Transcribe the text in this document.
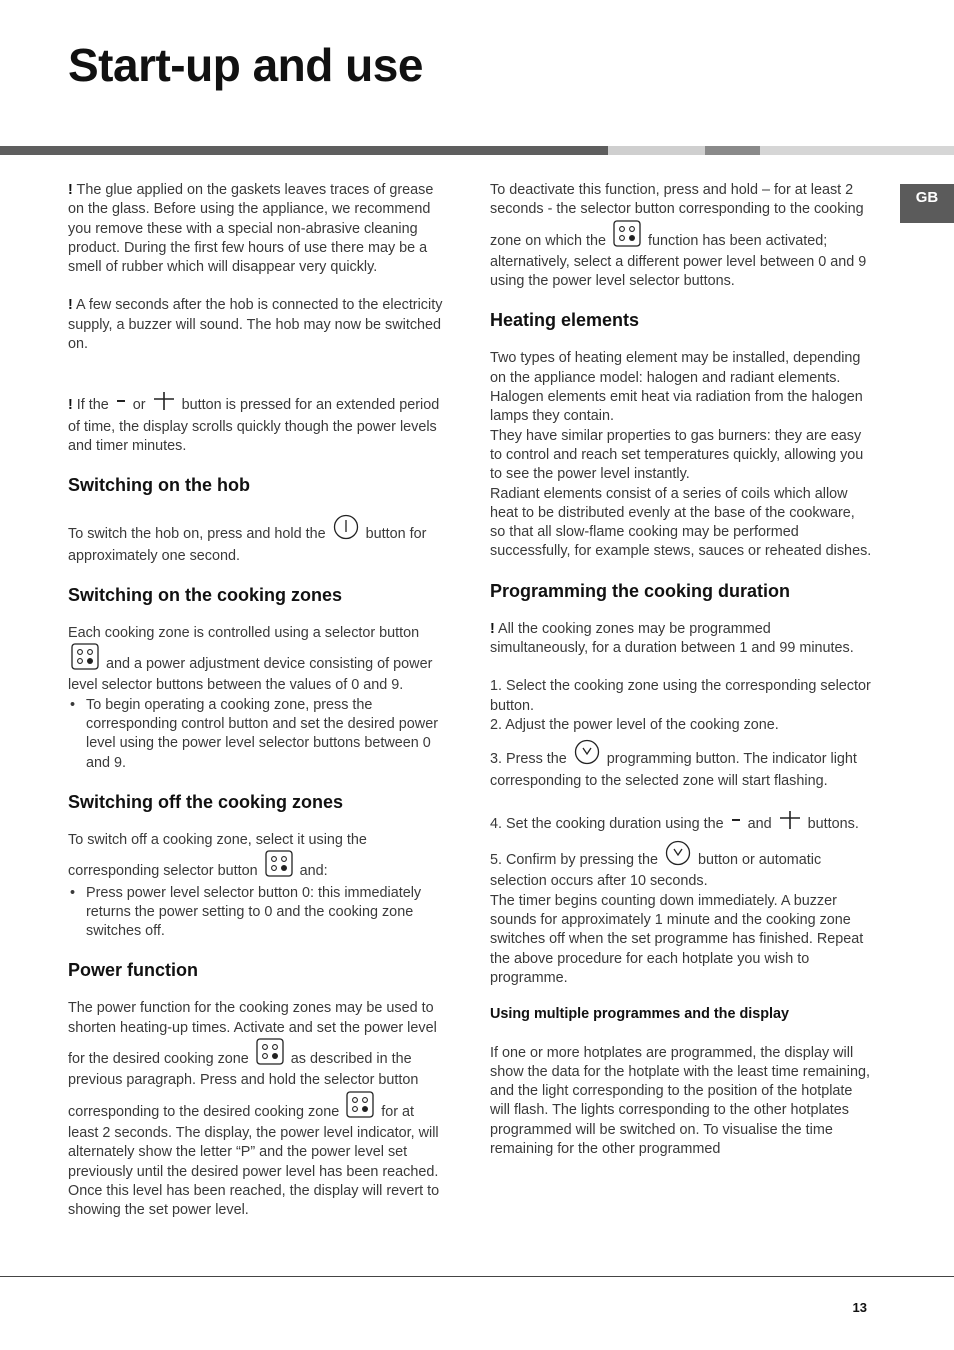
Start-up and use
GB

! The glue applied on the gaskets leaves traces of grease on the glass. Before using the appliance, we recommend you remove these with a special non-abrasive cleaning product. During the first few hours of use there may be a smell of rubber which will disappear very quickly.

! A few seconds after the hob is connected to the electricity supply, a buzzer will sound. The hob may now be switched on.

! If the or	button is pressed for an extended period of time, the display scrolls quickly though the power levels and timer minutes.

Switching on the hob

To switch the hob on, press and hold the	button for approximately one second.

Switching on the cooking zones

Each cooking zone is controlled using a selector button  and a power adjustment device consisting of power level selector buttons between the values of 0 and 9.

• To begin operating a cooking zone, press the corresponding control button and set the desired power level using the power level selector buttons between 0 and 9.

Switching off the cooking zones

To switch off a cooking zone, select it using the corresponding selector button	and:

• Press power level selector button 0: this immediately returns the power setting to 0 and the cooking zone switches off.

Power function

The power function for the cooking zones may be used to shorten heating-up times. Activate and set the power level for the desired cooking zone	as described in the previous paragraph. Press and hold the selector button corresponding to the desired cooking zone	for at least 2 seconds. The display, the power level indicator, will alternately show the letter “P” and the power level set previously until the desired power level has been reached. Once this level has been reached, the display will revert to showing the set power level.

To deactivate this function, press and hold – for at least 2 seconds - the selector button corresponding to the cooking zone on which the	function has been activated; alternatively, select a different power level between 0 and 9 using the power level selector buttons.

Heating elements

Two types of heating element may be installed, depending on the appliance model: halogen and radiant elements.

Halogen elements emit heat via radiation from the halogen lamps they contain.

They have similar properties to gas burners: they are easy to control and reach set temperatures quickly, allowing you to see the power level instantly.

Radiant elements consist of a series of coils which allow heat to be distributed evenly at the base of the cookware, so that all slow-flame cooking may be performed successfully, for example stews, sauces or reheated dishes.

Programming the cooking duration

! All the cooking zones may be programmed simultaneously, for a duration between 1 and 99 minutes.

1. Select the cooking zone using the corresponding selector button.

2. Adjust the power level of the cooking zone.

3. Press the	programming button. The indicator light corresponding to the selected zone will start flashing.

4. Set the cooking duration using the and	buttons.

5. Confirm by pressing the	button or automatic selection occurs after 10 seconds.

The timer begins counting down immediately. A buzzer sounds for approximately 1 minute and the cooking zone switches off when the set programme has finished. Repeat the above procedure for each hotplate you wish to programme.

Using multiple programmes and the display

If one or more hotplates are programmed, the display will show the data for the hotplate with the least time remaining, and the light corresponding to the position of the hotplate will flash. The lights corresponding to the other hotplates programmed will be switched on. To visualise the time remaining for the other programmed

13
